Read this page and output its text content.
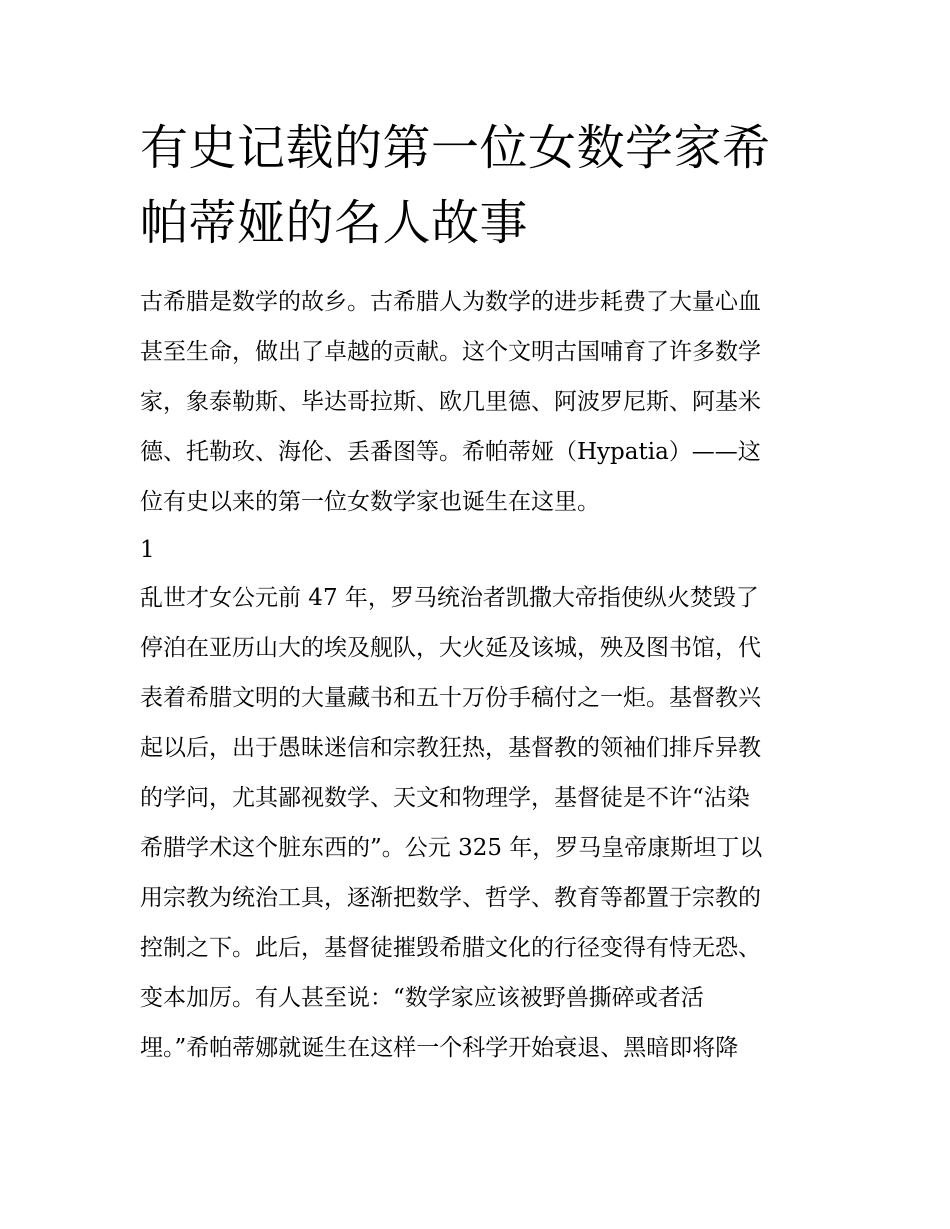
有史记载的第一位女数学家希
帕蒂娅的名人故事

古希腊是数学的故乡。古希腊人为数学的进步耗费了大量心血
甚至生命，做出了卓越的贡献。这个文明古国哺育了许多数学
家，象泰勒斯、毕达哥拉斯、欧几里德、阿波罗尼斯、阿基米
德、托勒玫、海伦、丢番图等。希帕蒂娅（Hypatia）——这
位有史以来的第一位女数学家也诞生在这里。

1

乱世才女公元前 47 年，罗马统治者凯撒大帝指使纵火焚毁了
停泊在亚历山大的埃及舰队，大火延及该城，殃及图书馆，代
表着希腊文明的大量藏书和五十万份手稿付之一炬。基督教兴
起以后，出于愚昧迷信和宗教狂热，基督教的领袖们排斥异教
的学问，尤其鄙视数学、天文和物理学，基督徒是不许“沾染
希腊学术这个脏东西的”。公元 325 年，罗马皇帝康斯坦丁以
用宗教为统治工具，逐渐把数学、哲学、教育等都置于宗教的
控制之下。此后，基督徒摧毁希腊文化的行径变得有恃无恐、
变本加厉。有人甚至说：“数学家应该被野兽撕碎或者活
埋。”希帕蒂娜就诞生在这样一个科学开始衰退、黑暗即将降
